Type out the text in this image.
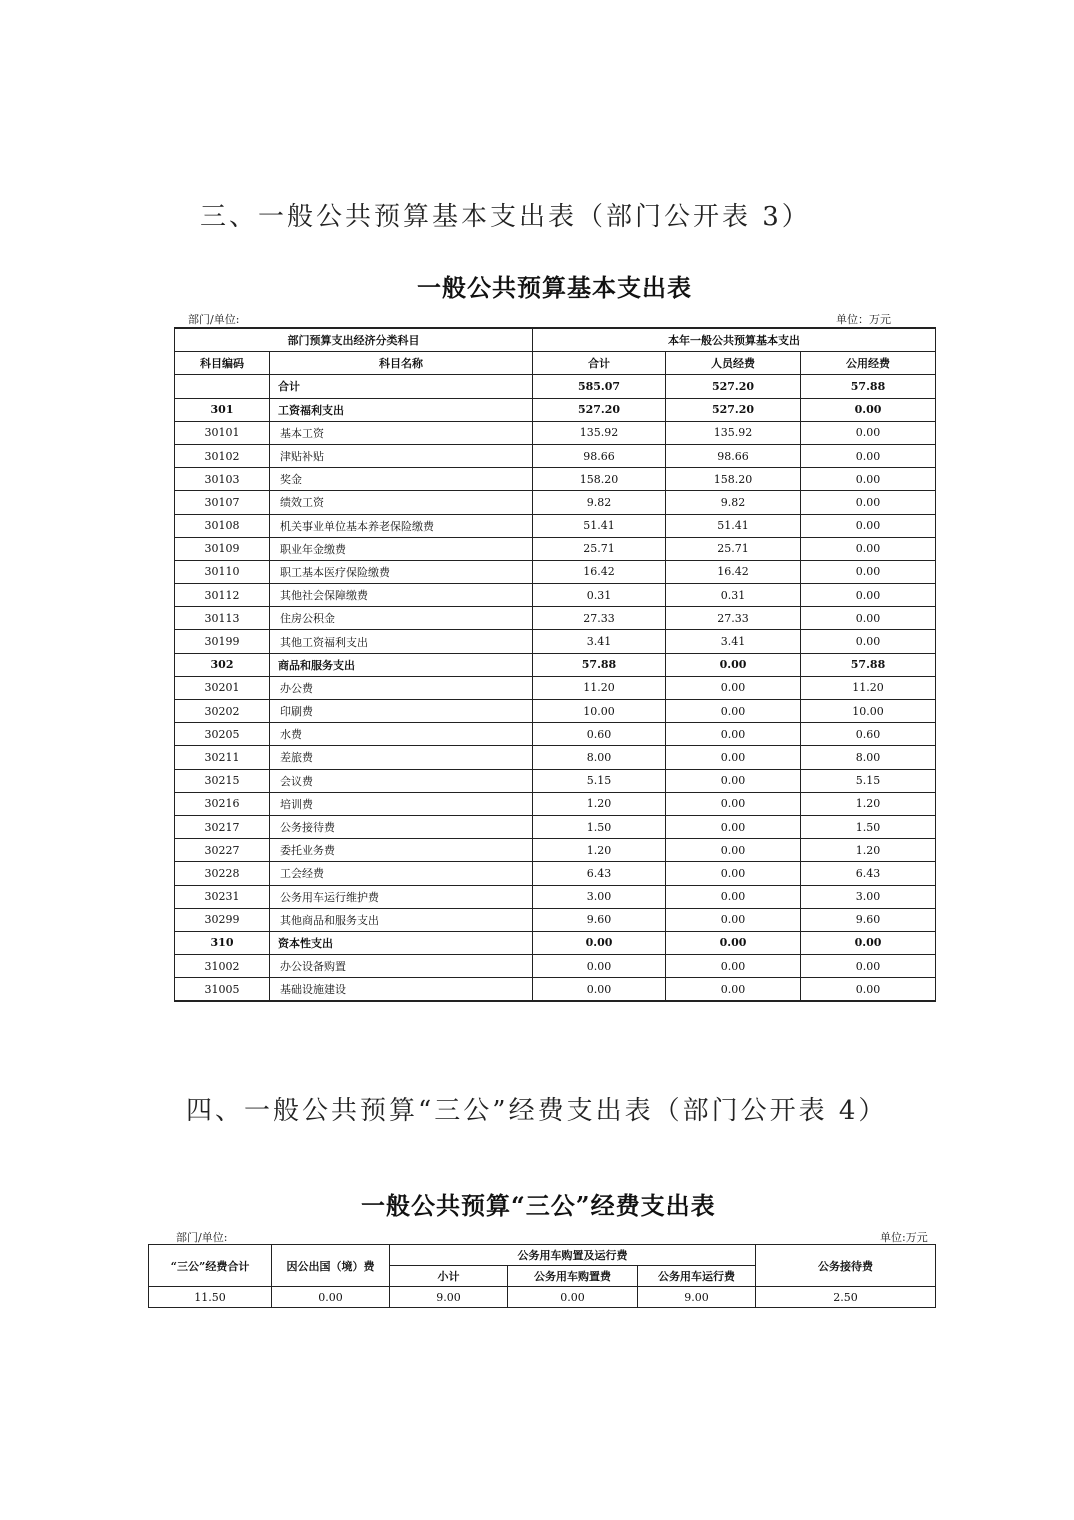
三、一般公共预算基本支出表（部门公开表 3）
一般公共预算基本支出表
部门/单位:	单位：万元
部门预算支出经济分类科目		本年一般公共预算基本支出		
科目编码	科目名称	合计	人员经费	公用经费
	合计	585.07	527.20	57.88
301	工资福利支出	527.20	527.20	0.00
30101	基本工资	135.92	135.92	0.00
30102	津贴补贴	98.66	98.66	0.00
30103	奖金	158.20	158.20	0.00
30107	绩效工资	9.82	9.82	0.00
30108	机关事业单位基本养老保险缴费	51.41	51.41	0.00
30109	职业年金缴费	25.71	25.71	0.00
30110	职工基本医疗保险缴费	16.42	16.42	0.00
30112	其他社会保障缴费	0.31	0.31	0.00
30113	住房公积金	27.33	27.33	0.00
30199	其他工资福利支出	3.41	3.41	0.00
302	商品和服务支出	57.88	0.00	57.88
30201	办公费	11.20	0.00	11.20
30202	印刷费	10.00	0.00	10.00
30205	水费	0.60	0.00	0.60
30211	差旅费	8.00	0.00	8.00
30215	会议费	5.15	0.00	5.15
30216	培训费	1.20	0.00	1.20
30217	公务接待费	1.50	0.00	1.50
30227	委托业务费	1.20	0.00	1.20
30228	工会经费	6.43	0.00	6.43
30231	公务用车运行维护费	3.00	0.00	3.00
30299	其他商品和服务支出	9.60	0.00	9.60
310	资本性支出	0.00	0.00	0.00
31002	办公设备购置	0.00	0.00	0.00
31005	基础设施建设	0.00	0.00	0.00
四、一般公共预算“三公”经费支出表（部门公开表 4）
一般公共预算“三公”经费支出表
部门/单位:	单位:万元
“三公”经费合计	因公出国（境）费	公务用车购置及运行费			公务接待费
		小计	公务用车购置费	公务用车运行费	
11.50	0.00	9.00	0.00	9.00	2.50
